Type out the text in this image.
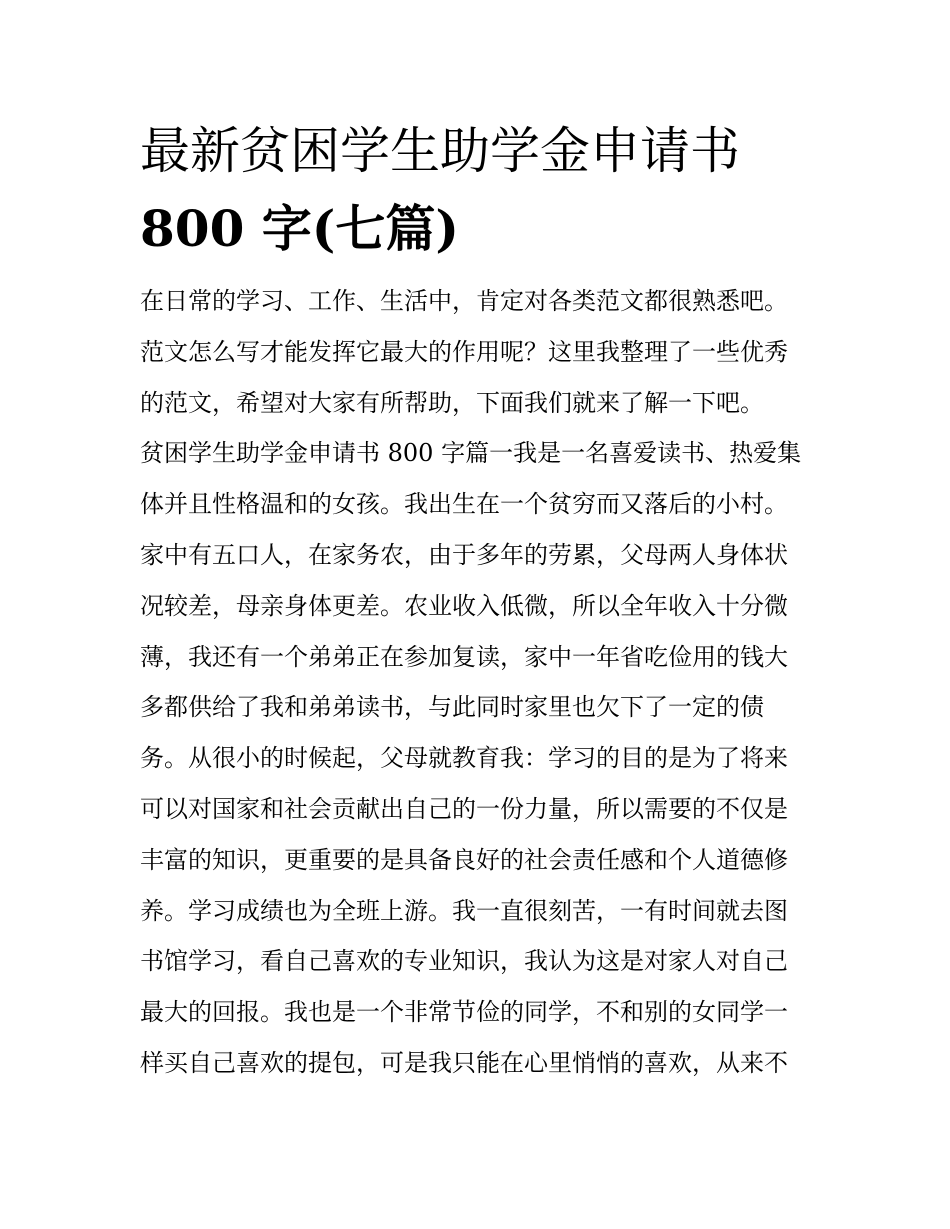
最新贫困学生助学金申请书
800 字(七篇)
在日常的学习、工作、生活中，肯定对各类范文都很熟悉吧。
范文怎么写才能发挥它最大的作用呢？这里我整理了一些优秀
的范文，希望对大家有所帮助，下面我们就来了解一下吧。
贫困学生助学金申请书 800 字篇一我是一名喜爱读书、热爱集
体并且性格温和的女孩。我出生在一个贫穷而又落后的小村。
家中有五口人，在家务农，由于多年的劳累，父母两人身体状
况较差，母亲身体更差。农业收入低微，所以全年收入十分微
薄，我还有一个弟弟正在参加复读，家中一年省吃俭用的钱大
多都供给了我和弟弟读书，与此同时家里也欠下了一定的债
务。从很小的时候起，父母就教育我：学习的目的是为了将来
可以对国家和社会贡献出自己的一份力量，所以需要的不仅是
丰富的知识，更重要的是具备良好的社会责任感和个人道德修
养。学习成绩也为全班上游。我一直很刻苦，一有时间就去图
书馆学习，看自己喜欢的专业知识，我认为这是对家人对自己
最大的回报。我也是一个非常节俭的同学，不和别的女同学一
样买自己喜欢的提包，可是我只能在心里悄悄的喜欢，从来不
